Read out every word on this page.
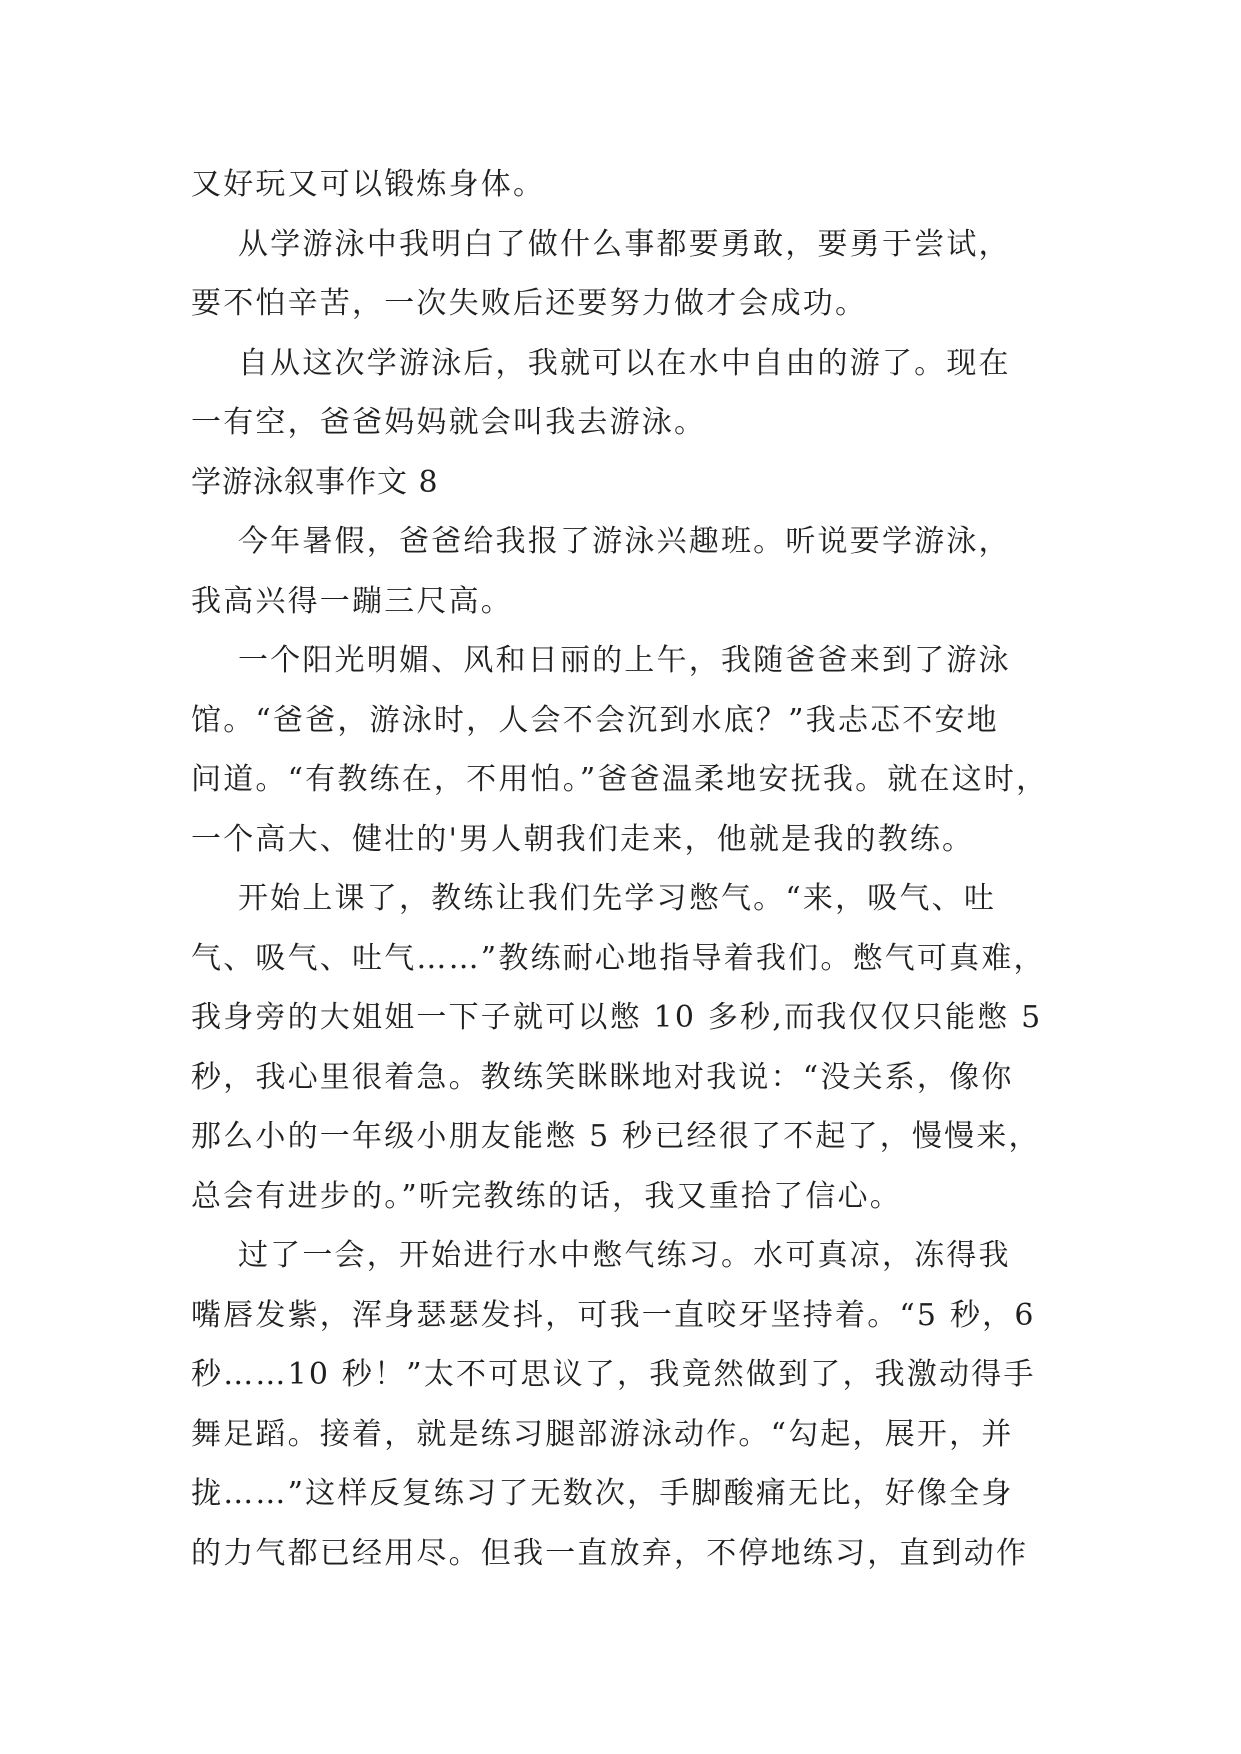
又好玩又可以锻炼身体。
从学游泳中我明白了做什么事都要勇敢，要勇于尝试，
要不怕辛苦，一次失败后还要努力做才会成功。
自从这次学游泳后，我就可以在水中自由的游了。现在
一有空，爸爸妈妈就会叫我去游泳。
学游泳叙事作文 8
今年暑假，爸爸给我报了游泳兴趣班。听说要学游泳，
我高兴得一蹦三尺高。
一个阳光明媚、风和日丽的上午，我随爸爸来到了游泳
馆。“爸爸，游泳时，人会不会沉到水底？”我忐忑不安地
问道。“有教练在，不用怕。”爸爸温柔地安抚我。就在这时，
一个高大、健壮的'男人朝我们走来，他就是我的教练。
开始上课了，教练让我们先学习憋气。“来，吸气、吐
气、吸气、吐气……”教练耐心地指导着我们。憋气可真难，
我身旁的大姐姐一下子就可以憋 10 多秒,而我仅仅只能憋 5
秒，我心里很着急。教练笑眯眯地对我说：“没关系，像你
那么小的一年级小朋友能憋 5 秒已经很了不起了，慢慢来，
总会有进步的。”听完教练的话，我又重拾了信心。
过了一会，开始进行水中憋气练习。水可真凉，冻得我
嘴唇发紫，浑身瑟瑟发抖，可我一直咬牙坚持着。“5 秒，6
秒……10 秒！”太不可思议了，我竟然做到了，我激动得手
舞足蹈。接着，就是练习腿部游泳动作。“勾起，展开，并
拢……”这样反复练习了无数次，手脚酸痛无比，好像全身
的力气都已经用尽。但我一直放弃，不停地练习，直到动作
